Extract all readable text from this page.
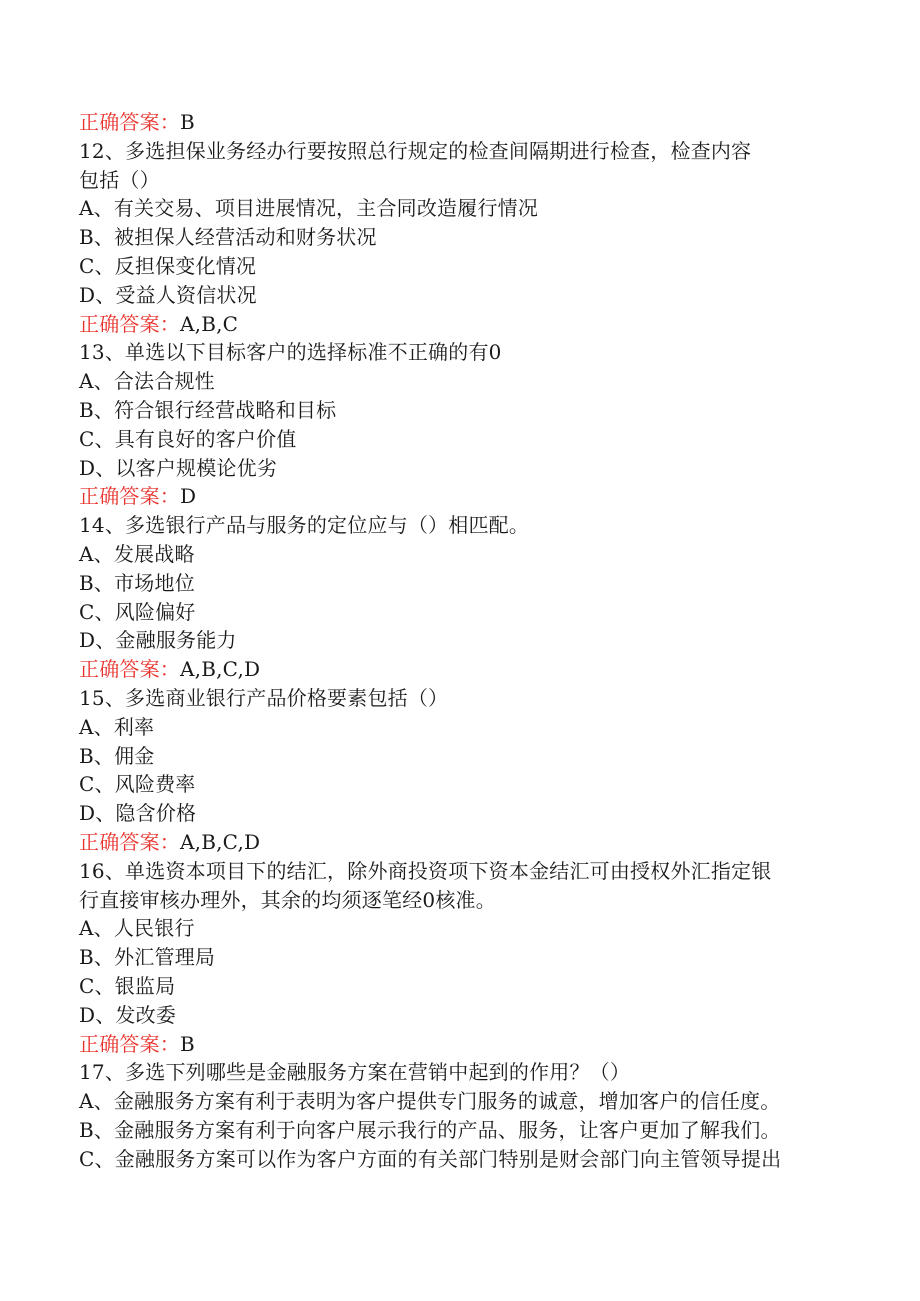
正确答案：B
12、多选担保业务经办行要按照总行规定的检查间隔期进行检查，检查内容
包括（）
A、有关交易、项目进展情况，主合同改造履行情况
B、被担保人经营活动和财务状况
C、反担保变化情况
D、受益人资信状况
正确答案：A,B,C
13、单选以下目标客户的选择标准不正确的有0
A、合法合规性
B、符合银行经营战略和目标
C、具有良好的客户价值
D、以客户规模论优劣
正确答案：D
14、多选银行产品与服务的定位应与（）相匹配。
A、发展战略
B、市场地位
C、风险偏好
D、金融服务能力
正确答案：A,B,C,D
15、多选商业银行产品价格要素包括（）
A、利率
B、佣金
C、风险费率
D、隐含价格
正确答案：A,B,C,D
16、单选资本项目下的结汇，除外商投资项下资本金结汇可由授权外汇指定银
行直接审核办理外，其余的均须逐笔经0核准。
A、人民银行
B、外汇管理局
C、银监局
D、发改委
正确答案：B
17、多选下列哪些是金融服务方案在营销中起到的作用？（）
A、金融服务方案有利于表明为客户提供专门服务的诚意，增加客户的信任度。
B、金融服务方案有利于向客户展示我行的产品、服务，让客户更加了解我们。
C、金融服务方案可以作为客户方面的有关部门特别是财会部门向主管领导提出
